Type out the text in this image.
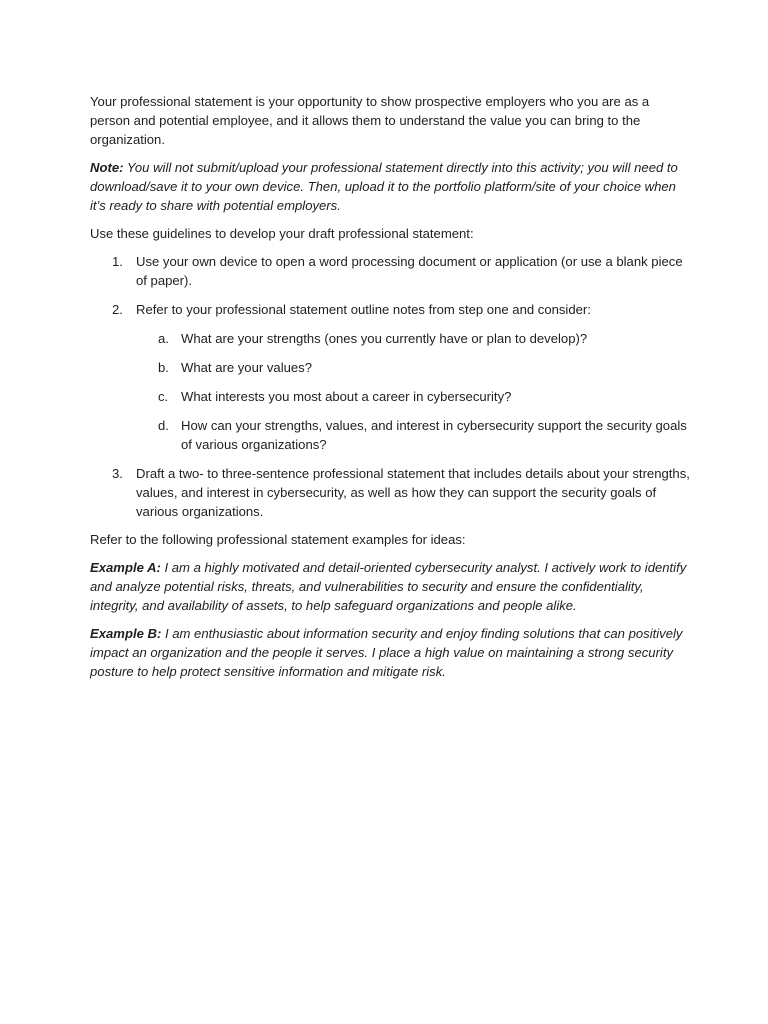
Your professional statement is your opportunity to show prospective employers who you are as a person and potential employee, and it allows them to understand the value you can bring to the organization.

Note: You will not submit/upload your professional statement directly into this activity; you will need to download/save it to your own device. Then, upload it to the portfolio platform/site of your choice when it’s ready to share with potential employers.

Use these guidelines to develop your draft professional statement:

1. Use your own device to open a word processing document or application (or use a blank piece of paper).
2. Refer to your professional statement outline notes from step one and consider:
a. What are your strengths (ones you currently have or plan to develop)?
b. What are your values?
c. What interests you most about a career in cybersecurity?
d. How can your strengths, values, and interest in cybersecurity support the security goals of various organizations?
3. Draft a two- to three-sentence professional statement that includes details about your strengths, values, and interest in cybersecurity, as well as how they can support the security goals of various organizations.

Refer to the following professional statement examples for ideas:

Example A: I am a highly motivated and detail-oriented cybersecurity analyst. I actively work to identify and analyze potential risks, threats, and vulnerabilities to security and ensure the confidentiality, integrity, and availability of assets, to help safeguard organizations and people alike.

Example B: I am enthusiastic about information security and enjoy finding solutions that can positively impact an organization and the people it serves. I place a high value on maintaining a strong security posture to help protect sensitive information and mitigate risk.
